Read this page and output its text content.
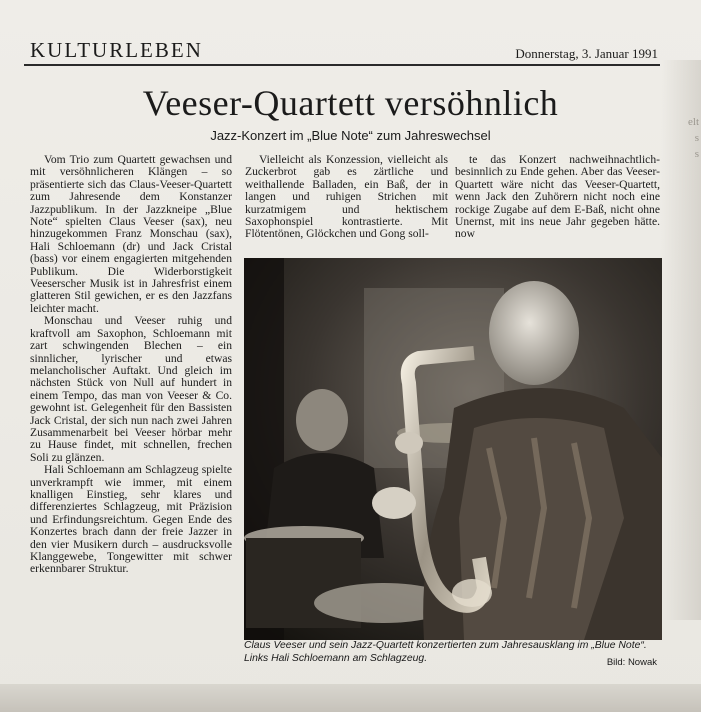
elt
s
s
KULTURLEBEN	Donnerstag, 3. Januar 1991
Veeser-Quartett versöhnlich
Jazz-Konzert im „Blue Note“ zum Jahreswechsel

Vom Trio zum Quartett gewachsen und mit versöhnlicheren Klängen – so präsentierte sich das Claus-Veeser-Quartett zum Jahresende dem Konstanzer Jazzpublikum. In der Jazzkneipe „Blue Note“ spielten Claus Veeser (sax), neu hinzugekommen Franz Monschau (sax), Hali Schloemann (dr) und Jack Cristal (bass) vor einem engagierten mitgehenden Publikum. Die Widerborstigkeit Veeserscher Musik ist in Jahresfrist einem glatteren Stil gewichen, er es den Jazzfans leichter macht.

Monschau und Veeser ruhig und kraftvoll am Saxophon, Schloemann mit zart schwingenden Blechen – ein sinnlicher, lyrischer und etwas melancholischer Auftakt. Und gleich im nächsten Stück von Null auf hundert in einem Tempo, das man von Veeser & Co. gewohnt ist. Gelegenheit für den Bassisten Jack Cristal, der sich nun nach zwei Jahren Zusammenarbeit bei Veeser hörbar mehr zu Hause findet, mit schnellen, frechen Soli zu glänzen.

Hali Schloemann am Schlagzeug spielte unverkrampft wie immer, mit einem knalligen Einstieg, sehr klares und differenziertes Schlagzeug, mit Präzision und Erfindungsreichtum. Gegen Ende des Konzertes brach dann der freie Jazzer in den vier Musikern durch – ausdrucksvolle Klanggewebe, Tongewitter mit schwer erkennbarer Struktur.

Vielleicht als Konzession, vielleicht als Zuckerbrot gab es zärtliche und weithallende Balladen, ein Baß, der in langen und ruhigen Strichen mit kurzatmigem und hektischem Saxophonspiel kontrastierte. Mit Flötentönen, Glöckchen und Gong soll-

te das Konzert nachweihnachtlich-besinnlich zu Ende gehen. Aber das Veeser-Quartett wäre nicht das Veeser-Quartett, wenn Jack den Zuhörern nicht noch eine rockige Zugabe auf dem E-Baß, nicht ohne Unernst, mit ins neue Jahr gegeben hätte. now

Claus Veeser und sein Jazz-Quartett konzertierten zum Jahresausklang im „Blue Note“. Links Hali Schloemann am Schlagzeug.	Bild: Nowak
